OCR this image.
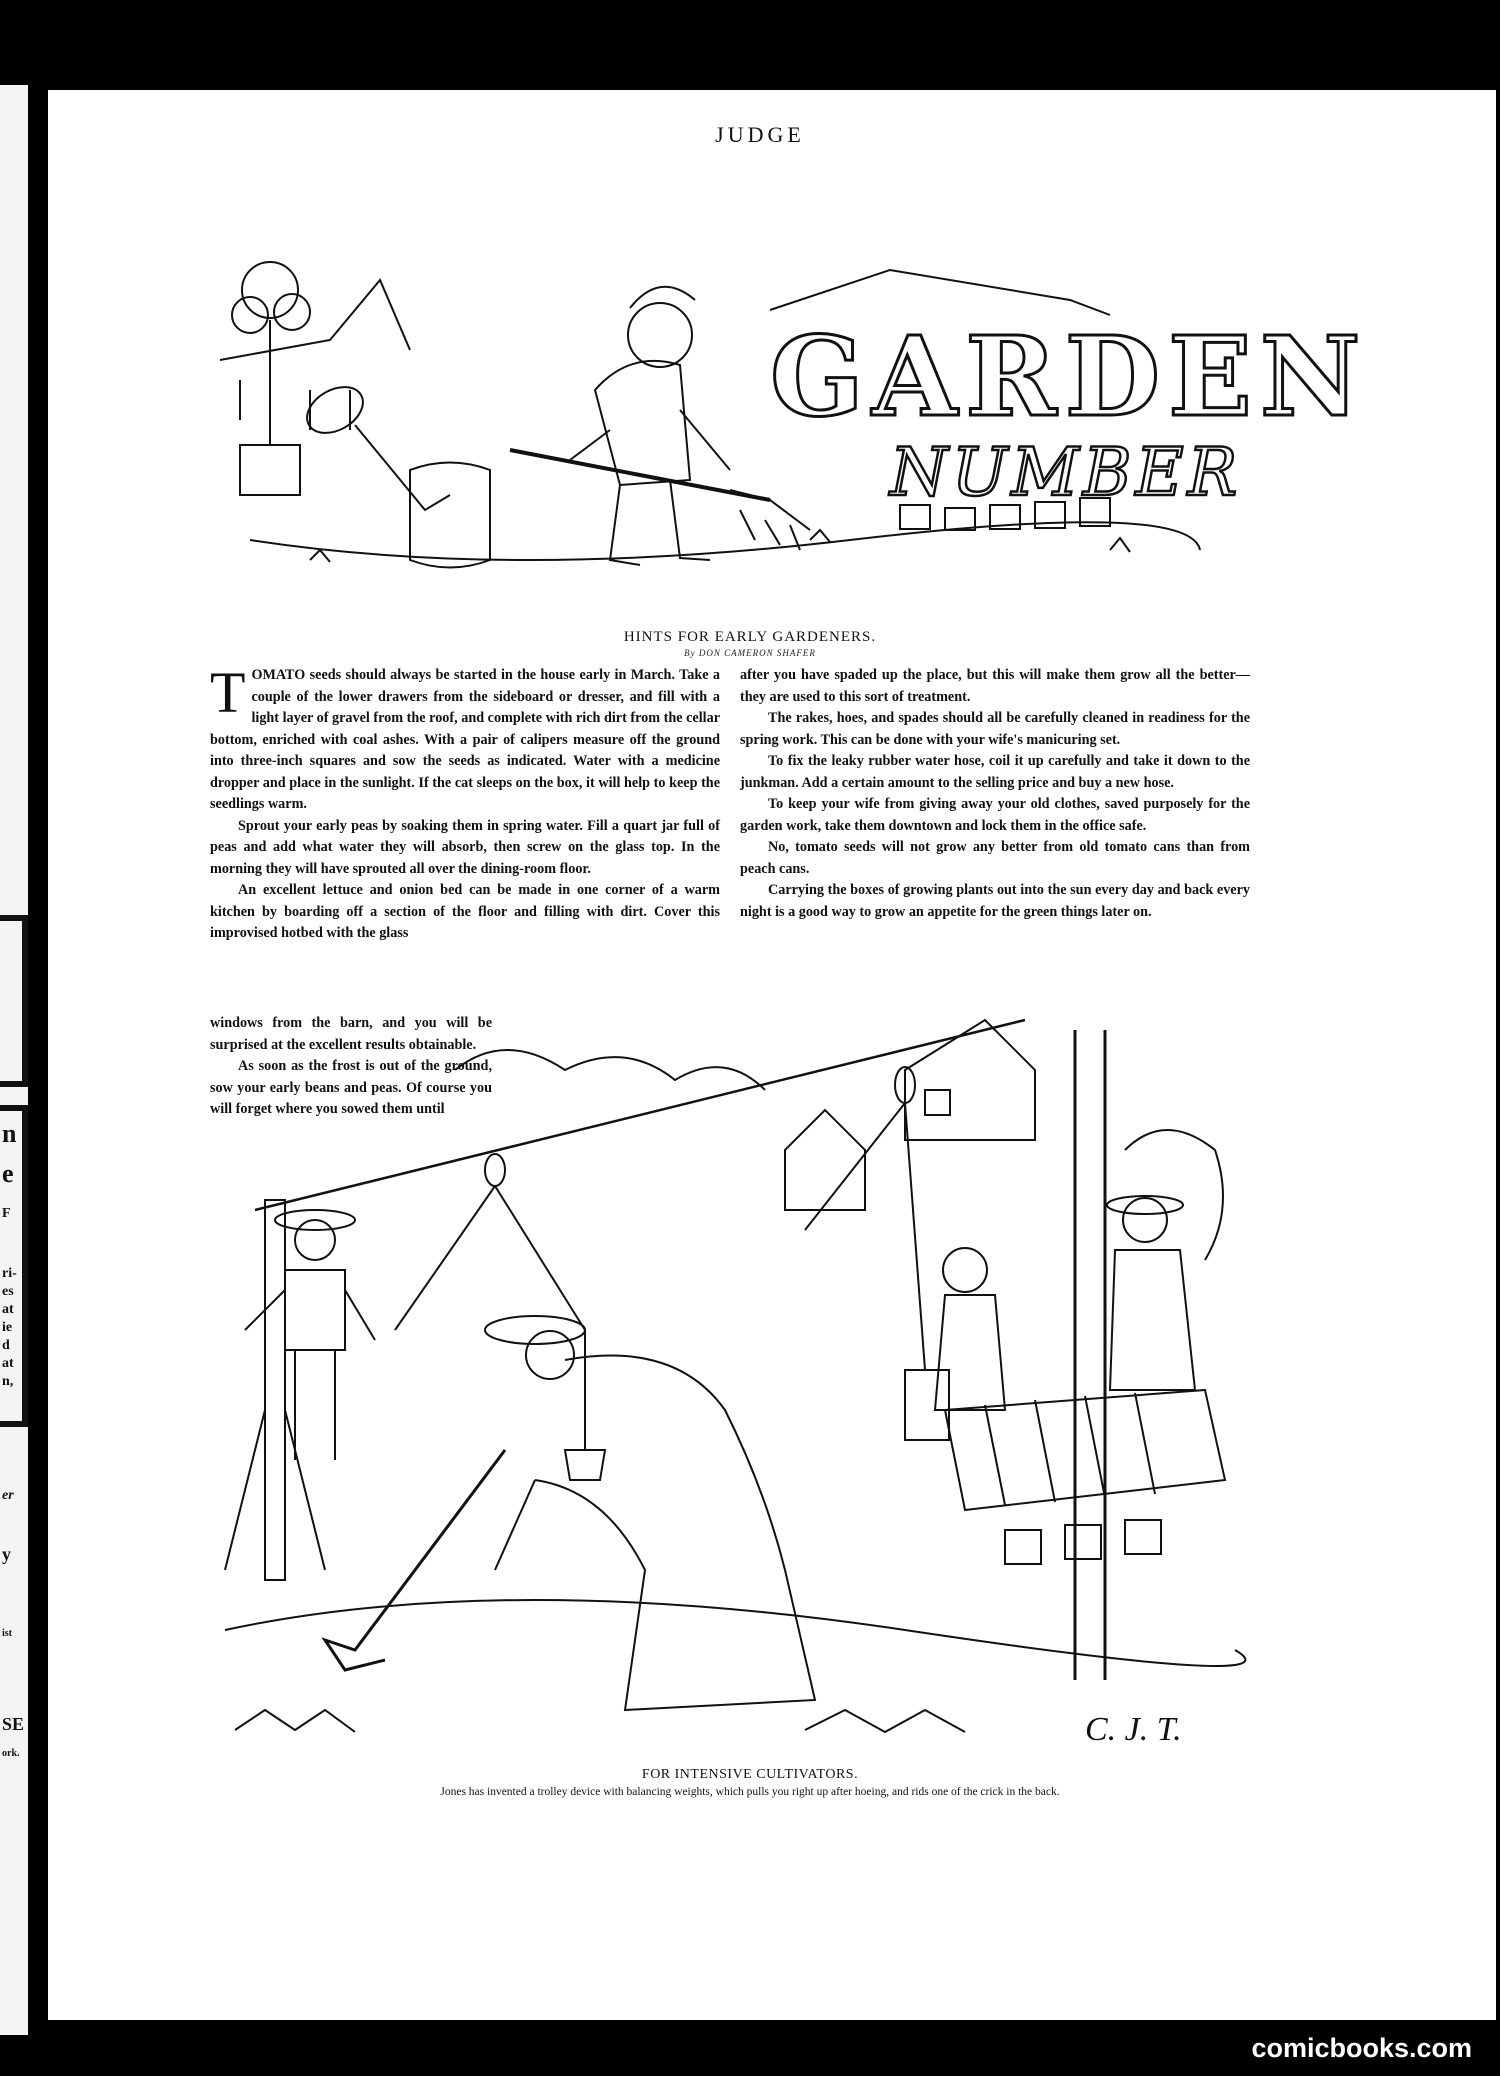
n
e
F
ri-
es
at
ie
d
at
n,
er
y
ist
SE
ork.
JUDGE
GARDEN
NUMBER
HINTS FOR EARLY GARDENERS.
By DON CAMERON SHAFER

TOMATO seeds should always be started in the house early in March. Take a couple of the lower drawers from the sideboard or dresser, and fill with a light layer of gravel from the roof, and complete with rich dirt from the cellar bottom, enriched with coal ashes. With a pair of calipers measure off the ground into three-inch squares and sow the seeds as indicated. Water with a medicine dropper and place in the sunlight. If the cat sleeps on the box, it will help to keep the seedlings warm.

Sprout your early peas by soaking them in spring water. Fill a quart jar full of peas and add what water they will absorb, then screw on the glass top. In the morning they will have sprouted all over the dining-room floor.

An excellent lettuce and onion bed can be made in one corner of a warm kitchen by boarding off a section of the floor and filling with dirt. Cover this improvised hotbed with the glass

windows from the barn, and you will be surprised at the excellent results obtainable.

As soon as the frost is out of the ground, sow your early beans and peas. Of course you will forget where you sowed them until

after you have spaded up the place, but this will make them grow all the better—they are used to this sort of treatment.

The rakes, hoes, and spades should all be carefully cleaned in readiness for the spring work. This can be done with your wife's manicuring set.

To fix the leaky rubber water hose, coil it up carefully and take it down to the junkman. Add a certain amount to the selling price and buy a new hose.

To keep your wife from giving away your old clothes, saved purposely for the garden work, take them downtown and lock them in the office safe.

No, tomato seeds will not grow any better from old tomato cans than from peach cans.

Carrying the boxes of growing plants out into the sun every day and back every night is a good way to grow an appetite for the green things later on.

C. J. T.
FOR INTENSIVE CULTIVATORS.
Jones has invented a trolley device with balancing weights, which pulls you right up after hoeing, and rids one of the crick in the back.
comicbooks.com
